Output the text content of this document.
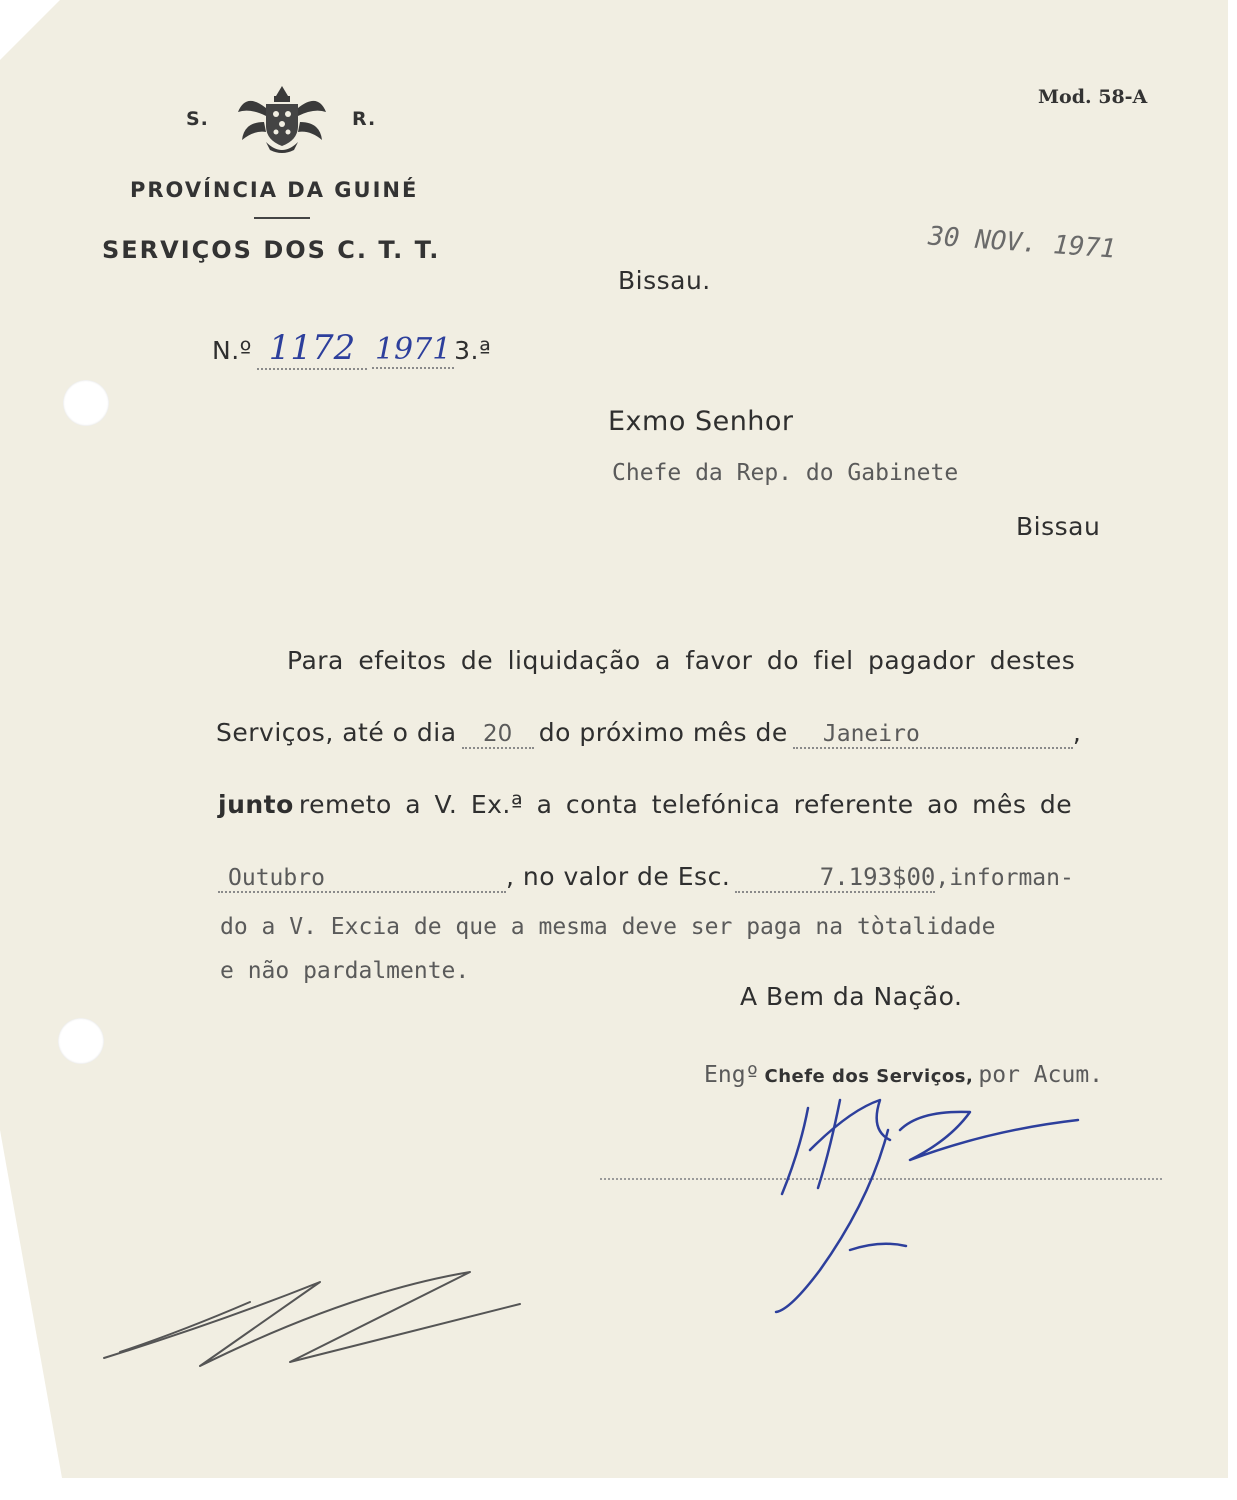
S.	R.
PROVÍNCIA DA GUINÉ
SERVIÇOS DOS C. T. T.
Mod. 58-A
30 NOV. 1971
Bissau.
N.º 1172 1971 3.ª
Exmo Senhor
Chefe da Rep. do Gabinete
Bissau
Para efeitos de liquidação a favor do fiel pagador destes
Serviços, até o dia 20 do próximo mês de Janeiro	,
junto remeto a V. Ex.ª a conta telefónica referente ao mês de
Outubro	, no valor de Esc.	7.193$00,informan-
do a V. Excia de que a mesma deve ser paga na tòtalidade
e não pardalmente.
A Bem da Nação.
Engº Chefe dos Serviços, por Acum.
